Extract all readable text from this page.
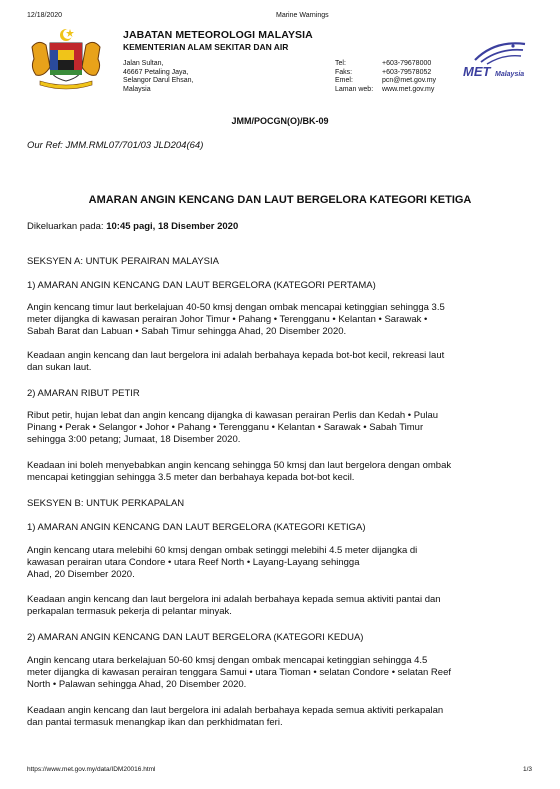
12/18/2020	Marine Warnings
JABATAN METEOROLOGI MALAYSIA
KEMENTERIAN ALAM SEKITAR DAN AIR
Jalan Sultan,
46667 Petaling Jaya,
Selangor Darul Ehsan,
Malaysia
Tel:
Faks:
Emel:
Laman web:
+603-79678000
+603-79578052
pcn@met.gov.my
www.met.gov.my
MET Malaysia
JMM/POCGN(O)/BK-09
Our Ref: JMM.RML07/701/03 JLD204(64)
AMARAN ANGIN KENCANG DAN LAUT BERGELORA KATEGORI KETIGA
Dikeluarkan pada: 10:45 pagi, 18 Disember 2020
SEKSYEN A: UNTUK PERAIRAN MALAYSIA
1) AMARAN ANGIN KENCANG DAN LAUT BERGELORA (KATEGORI PERTAMA)
Angin kencang timur laut berkelajuan 40-50 kmsj dengan ombak mencapai ketinggian sehingga 3.5
meter dijangka di kawasan perairan Johor Timur • Pahang • Terengganu • Kelantan • Sarawak •
Sabah Barat dan Labuan • Sabah Timur sehingga Ahad, 20 Disember 2020.
Keadaan angin kencang dan laut bergelora ini adalah berbahaya kepada bot-bot kecil, rekreasi laut
dan sukan laut.
2) AMARAN RIBUT PETIR
Ribut petir, hujan lebat dan angin kencang dijangka di kawasan perairan Perlis dan Kedah • Pulau
Pinang • Perak • Selangor • Johor • Pahang • Terengganu • Kelantan • Sarawak • Sabah Timur
sehingga 3:00 petang; Jumaat, 18 Disember 2020.
Keadaan ini boleh menyebabkan angin kencang sehingga 50 kmsj dan laut bergelora dengan ombak
mencapai ketinggian sehingga 3.5 meter dan berbahaya kepada bot-bot kecil.
SEKSYEN B: UNTUK PERKAPALAN
1) AMARAN ANGIN KENCANG DAN LAUT BERGELORA (KATEGORI KETIGA)
Angin kencang utara melebihi 60 kmsj dengan ombak setinggi melebihi 4.5 meter dijangka di
kawasan perairan utara Condore • utara Reef North • Layang-Layang sehingga
Ahad, 20 Disember 2020.
Keadaan angin kencang dan laut bergelora ini adalah berbahaya kepada semua aktiviti pantai dan
perkapalan termasuk pekerja di pelantar minyak.
2) AMARAN ANGIN KENCANG DAN LAUT BERGELORA (KATEGORI KEDUA)
Angin kencang utara berkelajuan 50-60 kmsj dengan ombak mencapai ketinggian sehingga 4.5
meter dijangka di kawasan perairan tenggara Samui • utara Tioman • selatan Condore • selatan Reef
North • Palawan sehingga Ahad, 20 Disember 2020.
Keadaan angin kencang dan laut bergelora ini adalah berbahaya kepada semua aktiviti perkapalan
dan pantai termasuk menangkap ikan dan perkhidmatan feri.
https://www.met.gov.my/data/IDM20016.html	1/3
